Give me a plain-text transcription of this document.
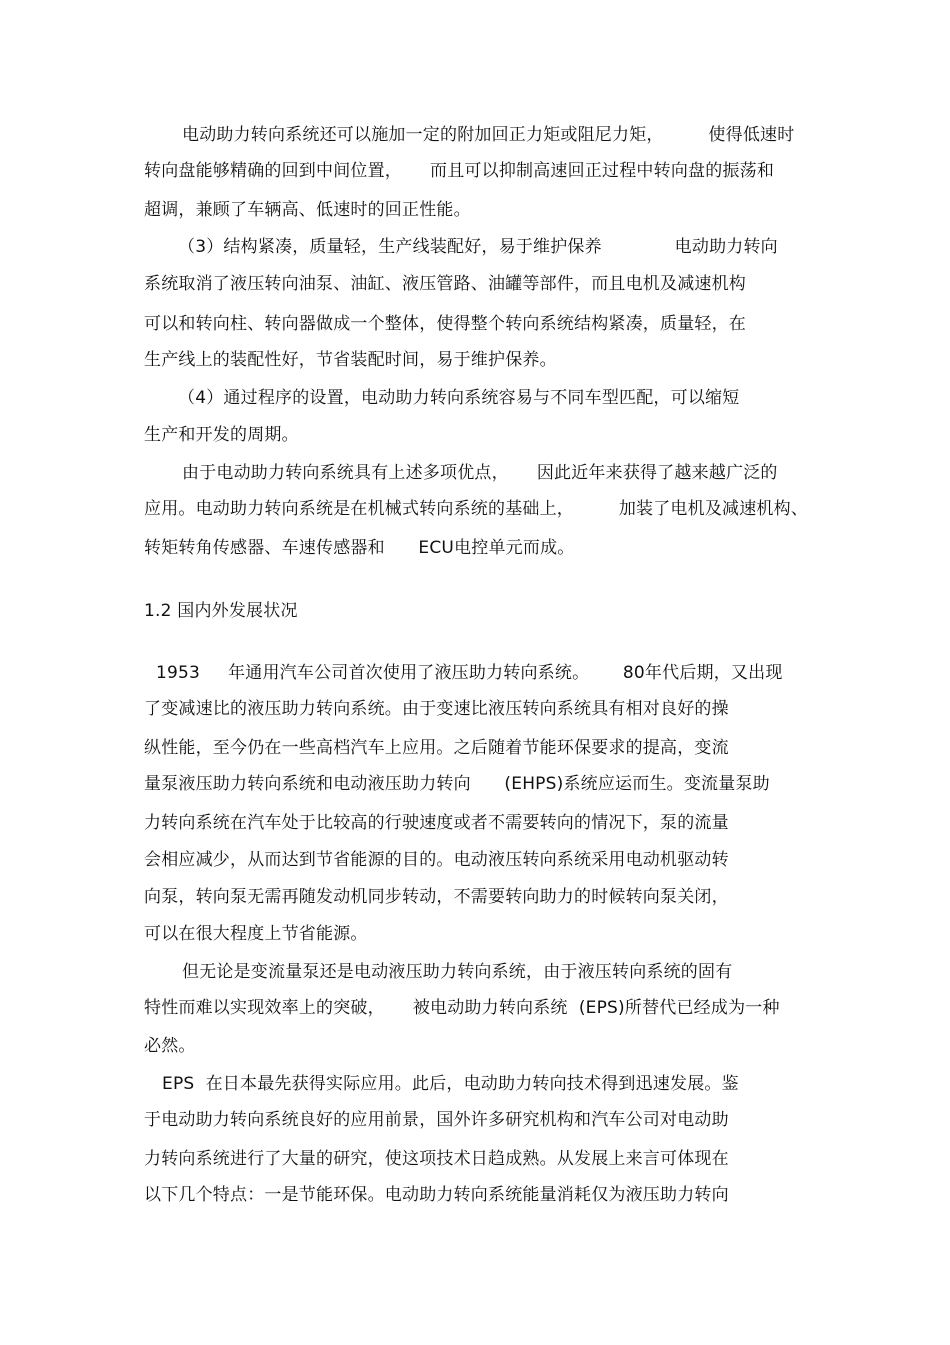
电动助力转向系统还可以施加一定的附加回正力矩或阻尼力矩，        使得低速时
转向盘能够精确的回到中间位置，     而且可以抑制高速回正过程中转向盘的振荡和
超调，兼顾了车辆高、低速时的回正性能。
（3）结构紧凑，质量轻，生产线装配好，易于维护保养             电动助力转向
系统取消了液压转向油泵、油缸、液压管路、油罐等部件，而且电机及减速机构
可以和转向柱、转向器做成一个整体，使得整个转向系统结构紧凑，质量轻，在
生产线上的装配性好，节省装配时间，易于维护保养。
（4）通过程序的设置，电动助力转向系统容易与不同车型匹配，可以缩短
生产和开发的周期。
由于电动助力转向系统具有上述多项优点，     因此近年来获得了越来越广泛的
应用。电动助力转向系统是在机械式转向系统的基础上，        加装了电机及减速机构、
转矩转角传感器、车速传感器和      ECU电控单元而成。
1.2 国内外发展状况
1953     年通用汽车公司首次使用了液压助力转向系统。      80年代后期，又出现
了变减速比的液压助力转向系统。由于变速比液压转向系统具有相对良好的操
纵性能，至今仍在一些高档汽车上应用。之后随着节能环保要求的提高，变流
量泵液压助力转向系统和电动液压助力转向      (EHPS)系统应运而生。变流量泵助
力转向系统在汽车处于比较高的行驶速度或者不需要转向的情况下，泵的流量
会相应减少，从而达到节省能源的目的。电动液压转向系统采用电动机驱动转
向泵，转向泵无需再随发动机同步转动，不需要转向助力的时候转向泵关闭，
可以在很大程度上节省能源。
但无论是变流量泵还是电动液压助力转向系统，由于液压转向系统的固有
特性而难以实现效率上的突破，     被电动助力转向系统  (EPS)所替代已经成为一种
必然。
EPS  在日本最先获得实际应用。此后，电动助力转向技术得到迅速发展。鉴
于电动助力转向系统良好的应用前景，国外许多研究机构和汽车公司对电动助
力转向系统进行了大量的研究，使这项技术日趋成熟。从发展上来言可体现在
以下几个特点：一是节能环保。电动助力转向系统能量消耗仅为液压助力转向
